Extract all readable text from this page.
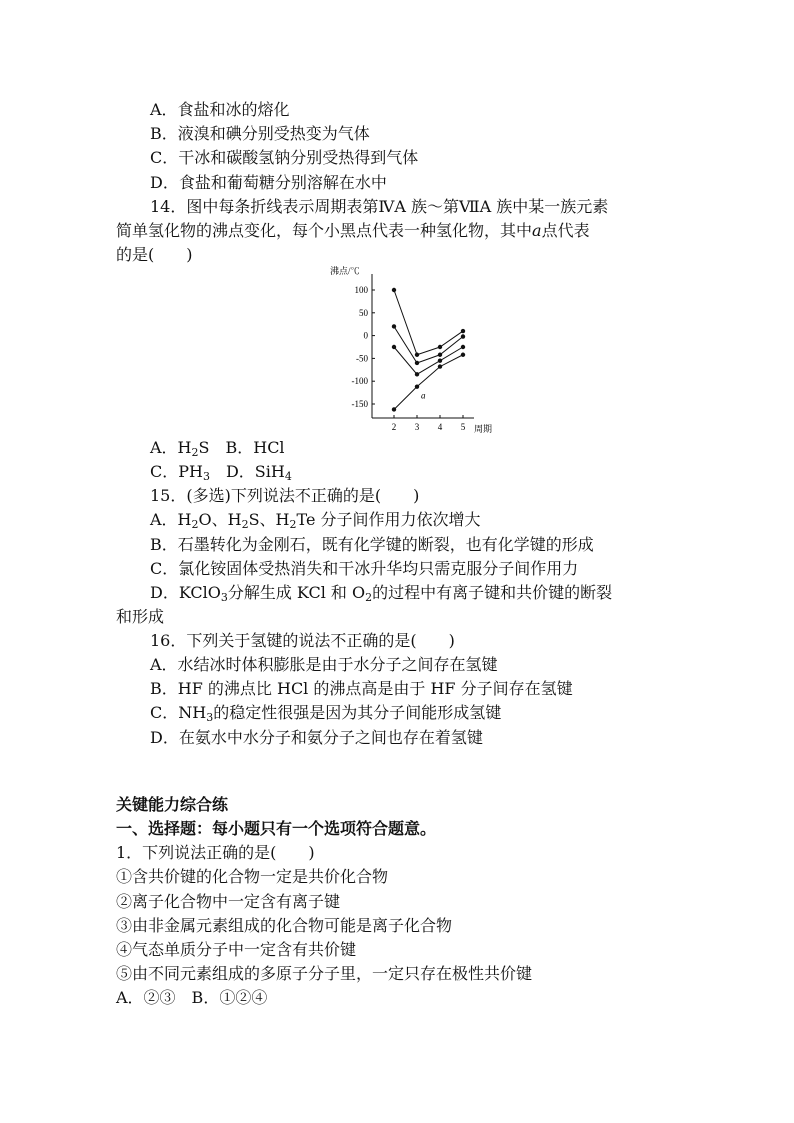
A．食盐和冰的熔化
B．液溴和碘分别受热变为气体
C．干冰和碳酸氢钠分别受热得到气体
D．食盐和葡萄糖分别溶解在水中
14．图中每条折线表示周期表第ⅣA 族～第ⅦA 族中某一族元素
简单氢化物的沸点变化，每个小黑点代表一种氢化物，其中a点代表
的是(　　)
100
50
0
-50
-100
-150
2 3 4 5
沸点/℃
周期
a
A．$H_2S$　B．HCl
C．$PH_3$　D．SiH$_4$
15．(多选)下列说法不正确的是(　　)
A．$H_2O$、$H_2S$、$H_2Te$ 分子间作用力依次增大
B．石墨转化为金刚石，既有化学键的断裂，也有化学键的形成
C．氯化铵固体受热消失和干冰升华均只需克服分子间作用力
D．KClO$_3$分解生成 KCl 和 $O_2$的过程中有离子键和共价键的断裂
和形成
16．下列关于氢键的说法不正确的是(　　)
A．水结冰时体积膨胀是由于水分子之间存在氢键
B．HF 的沸点比 HCl 的沸点高是由于 HF 分子间存在氢键
C．$NH_3$的稳定性很强是因为其分子间能形成氢键
D．在氨水中水分子和氨分子之间也存在着氢键
关键能力综合练
一、选择题：每小题只有一个选项符合题意。
1．下列说法正确的是(　　)
①含共价键的化合物一定是共价化合物
②离子化合物中一定含有离子键
③由非金属元素组成的化合物可能是离子化合物
④气态单质分子中一定含有共价键
⑤由不同元素组成的多原子分子里，一定只存在极性共价键
A．②③　B．①②④
